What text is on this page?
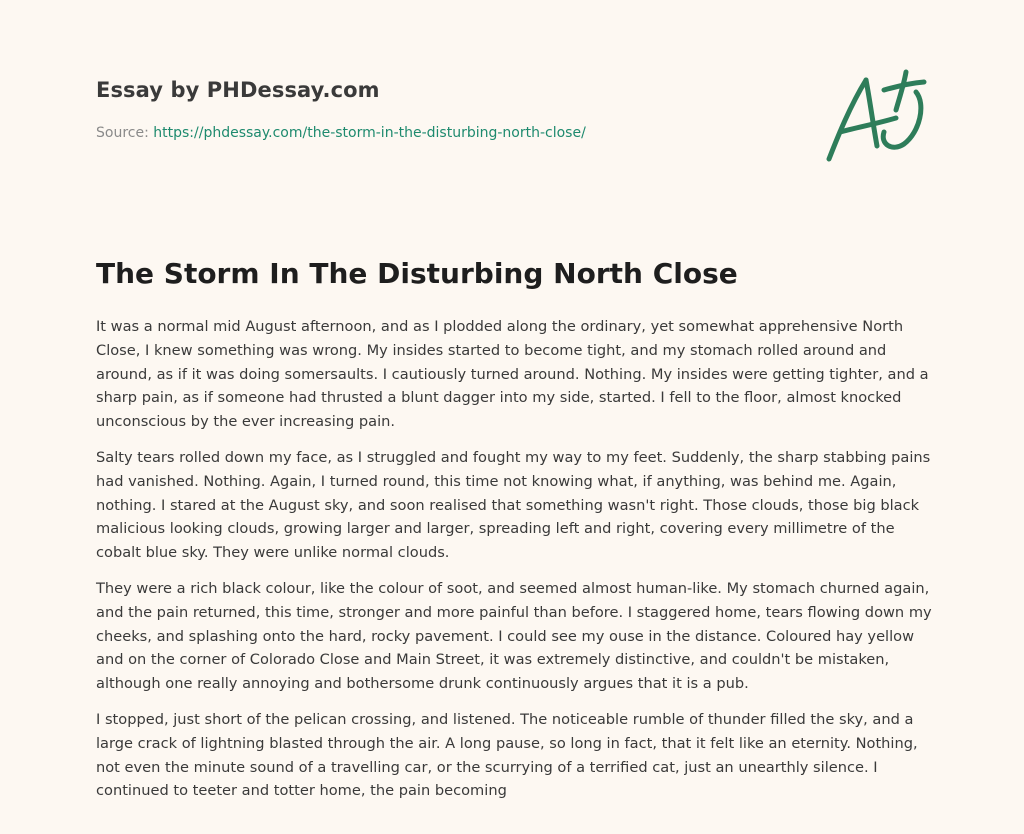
Essay by PHDessay.com
Source: https://phdessay.com/the-storm-in-the-disturbing-north-close/
The Storm In The Disturbing North Close

It was a normal mid August afternoon, and as I plodded along the ordinary, yet somewhat apprehensive North Close, I knew something was wrong. My insides started to become tight, and my stomach rolled around and around, as if it was doing somersaults. I cautiously turned around. Nothing. My insides were getting tighter, and a sharp pain, as if someone had thrusted a blunt dagger into my side, started. I fell to the floor, almost knocked unconscious by the ever increasing pain.

Salty tears rolled down my face, as I struggled and fought my way to my feet. Suddenly, the sharp stabbing pains had vanished. Nothing. Again, I turned round, this time not knowing what, if anything, was behind me. Again, nothing. I stared at the August sky, and soon realised that something wasn't right. Those clouds, those big black malicious looking clouds, growing larger and larger, spreading left and right, covering every millimetre of the cobalt blue sky. They were unlike normal clouds.

They were a rich black colour, like the colour of soot, and seemed almost human-like. My stomach churned again, and the pain returned, this time, stronger and more painful than before. I staggered home, tears flowing down my cheeks, and splashing onto the hard, rocky pavement. I could see my ouse in the distance. Coloured hay yellow and on the corner of Colorado Close and Main Street, it was extremely distinctive, and couldn't be mistaken, although one really annoying and bothersome drunk continuously argues that it is a pub.

I stopped, just short of the pelican crossing, and listened. The noticeable rumble of thunder filled the sky, and a large crack of lightning blasted through the air. A long pause, so long in fact, that it felt like an eternity. Nothing, not even the minute sound of a travelling car, or the scurrying of a terrified cat, just an unearthly silence. I continued to teeter and totter home, the pain becoming
